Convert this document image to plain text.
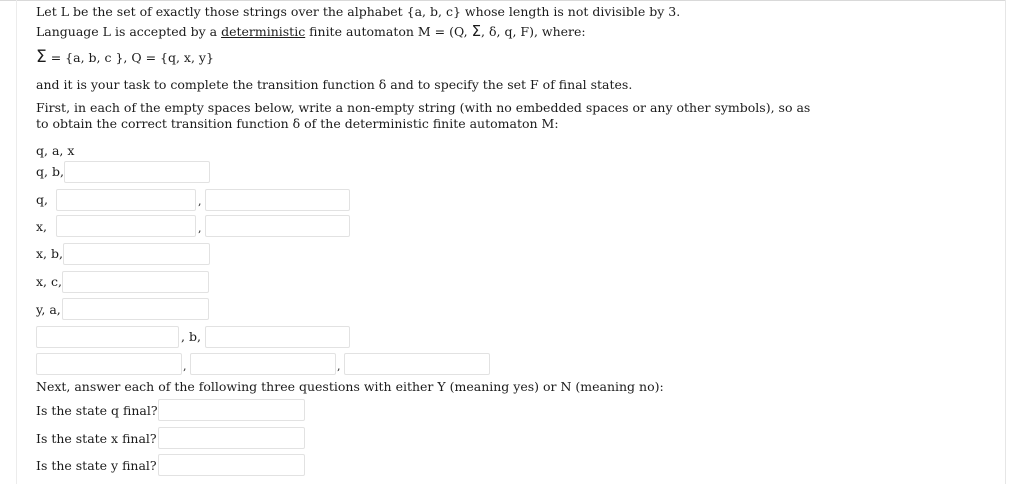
Let L be the set of exactly those strings over the alphabet {a, b, c} whose length is not divisible by 3.
Language L is accepted by a deterministic finite automaton M = (Q, Σ, δ, q, F), where:
Σ = {a, b, c }, Q = {q, x, y}
and it is your task to complete the transition function δ and to specify the set F of final states.
First, in each of the empty spaces below, write a non-empty string (with no embedded spaces or any other symbols), so as
to obtain the correct transition function δ of the deterministic finite automaton M:
q, a, x
q, b,
q,	,
x,	,
x, b,
x, c,
y, a,
, b,
,	,
Next, answer each of the following three questions with either Y (meaning yes) or N (meaning no):
Is the state q final?
Is the state x final?
Is the state y final?
